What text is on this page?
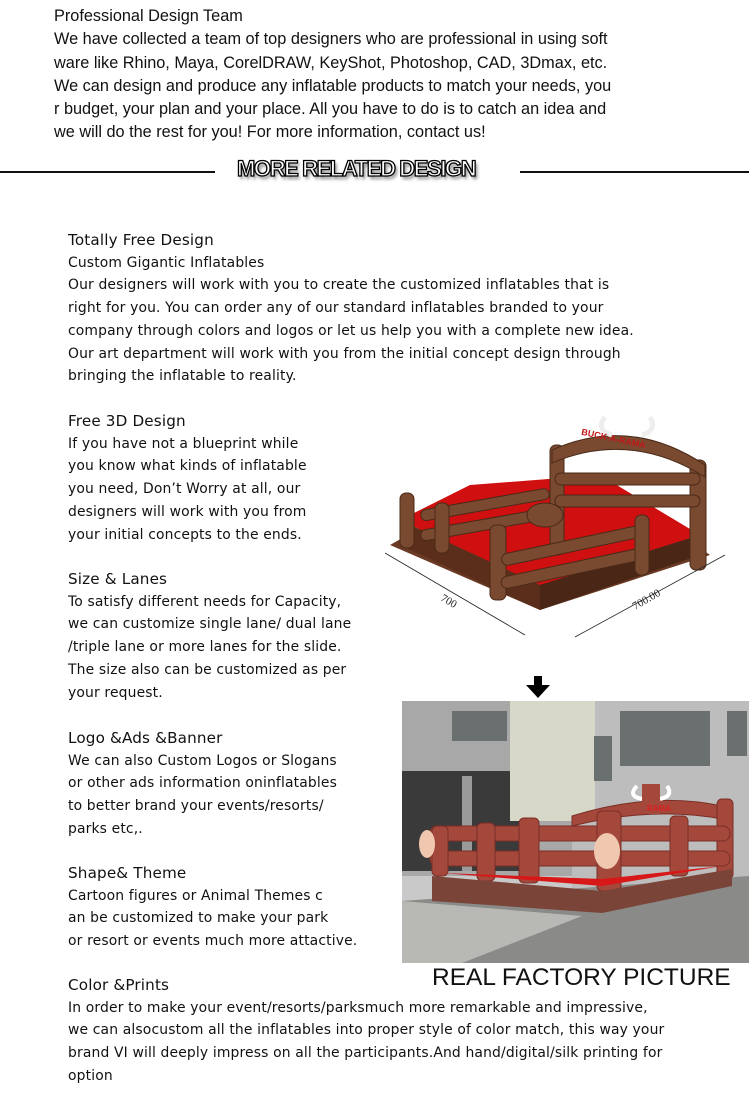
Professional Design Team
We have collected a team of top designers who are professional in using soft
ware like Rhino, Maya, CorelDRAW, KeyShot, Photoshop, CAD, 3Dmax, etc.
We can design and produce any inflatable products to match your needs, you
r budget, your plan and your place. All you have to do is to catch an idea and
we will do the rest for you! For more information, contact us!
MORE RELATED DESIGN
Totally Free Design
Custom Gigantic Inflatables
Our designers will work with you to create the customized inflatables that is
right for you. You can order any of our standard inflatables branded to your
company through colors and logos or let us help you with a complete new idea.
Our art department will work with you from the initial concept design through
bringing the inflatable to reality.
Free 3D Design
If you have not a blueprint while
you know what kinds of inflatable
you need, Don’t Worry at all, our
designers will work with you from
your initial concepts to the ends.
Size & Lanes
To satisfy different needs for Capacity,
we can customize single lane/ dual lane
/triple lane or more lanes for the slide.
The size also can be customized as per
your request.
Logo &Ads &Banner
We can also Custom Logos or Slogans
or other ads information oninflatables
to better brand your events/resorts/
parks etc,.
Shape& Theme
Cartoon figures or Animal Themes c
an be customized to make your park
or resort or events much more attactive.
Color &Prints
In order to make your event/resorts/parksmuch more remarkable and impressive,
we can alsocustom all the inflatables into proper style of color match, this way your
brand VI will deeply impress on all the participants.And hand/digital/silk printing for
option
BUCK-A-RAMA
700	700.00
RAMA
REAL FACTORY PICTURE
